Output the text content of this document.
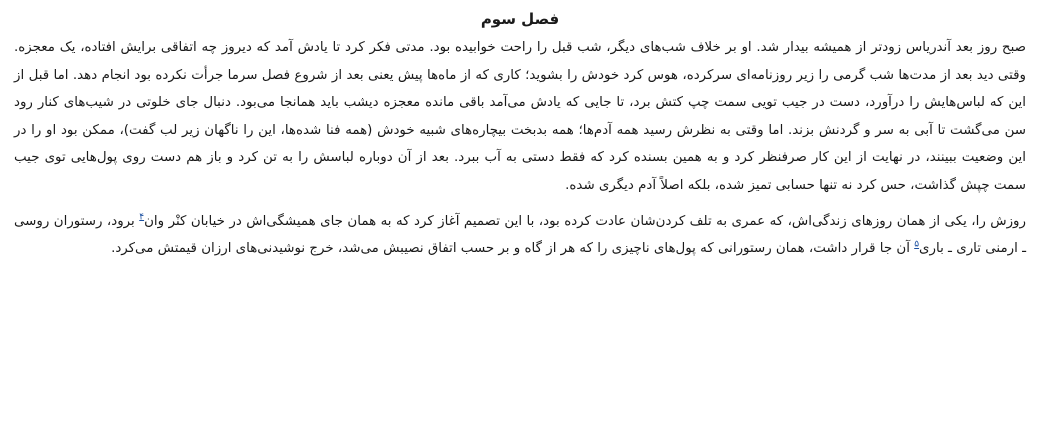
فصل سوم

صبح روز بعد آندریاس زودتر از همیشه بیدار شد. او بر خلاف شب‌های دیگر، شب قبل را راحت خوابیده بود. مدتی فکر کرد تا یادش آمد که دیروز چه اتفاقی برایش افتاده، یک معجزه. وقتی دید بعد از مدت‌ها شب گرمی را زیر روزنامه‌ای سرکرده، هوس کرد خودش را بشوید؛ کاری که از ماه‌ها پیش یعنی بعد از شروع فصل سرما جرأت نکرده بود انجام دهد. اما قبل از این که لباس‌هایش را درآورد، دست در جیب تویی سمت چپ کتش برد، تا جایی که یادش می‌آمد باقی مانده معجزه دیشب باید همانجا می‌بود. دنبال جای خلوتی در شیب‌های کنار رود سن می‌گشت تا آبی به سر و گردنش بزند. اما وقتی به نظرش رسید همه آدم‌ها؛ همه بدبخت بیچاره‌های شبیه خودش (همه فنا شده‌ها، این را ناگهان زیر لب گفت)، ممکن بود او را در این وضعیت ببینند، در نهایت از این کار صرفنظر کرد و به همین بسنده کرد که فقط دستی به آب ببرد. بعد از آن دوباره لباسش را به تن کرد و باز هم دست روی پول‌هایی توی جیب سمت چپش گذاشت، حس کرد نه تنها حسابی تمیز شده، بلکه اصلاً آدم دیگری شده.

روزش را، یکی از همان روزهای زندگی‌اش، که عمری به تلف کردن‌شان عادت کرده بود، با این تصمیم آغاز کرد که به همان جای همیشگی‌اش در خیابان کنْر وان$^۴$ برود، رستوران روسی ـ ارمنی تاری ـ باری$^۵$ آن جا قرار داشت، همان رستورانی که پول‌های ناچیزی را که هر از گاه و بر حسب اتفاق نصیبش می‌شد، خرج نوشیدنی‌های ارزان قیمتش می‌کرد.
